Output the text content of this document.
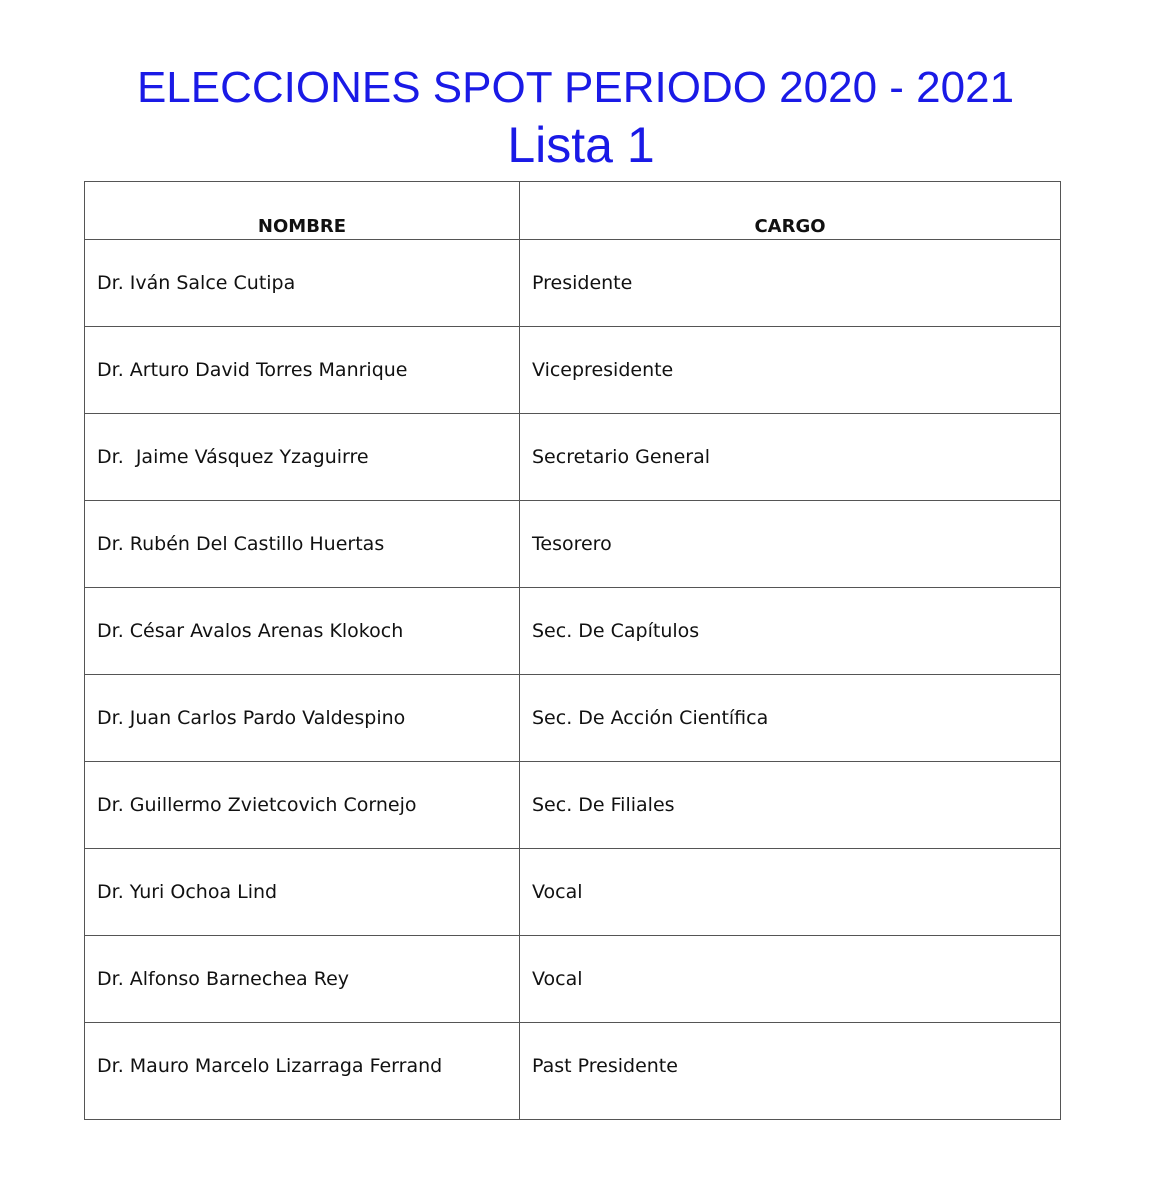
ELECCIONES SPOT PERIODO 2020 - 2021
Lista 1
NOMBRE	CARGO
Dr. Iván Salce Cutipa	Presidente
Dr. Arturo David Torres Manrique	Vicepresidente
Dr.  Jaime Vásquez Yzaguirre	Secretario General
Dr. Rubén Del Castillo Huertas	Tesorero
Dr. César Avalos Arenas Klokoch	Sec. De Capítulos
Dr. Juan Carlos Pardo Valdespino	Sec. De Acción Científica
Dr. Guillermo Zvietcovich Cornejo	Sec. De Filiales
Dr. Yuri Ochoa Lind	Vocal
Dr. Alfonso Barnechea Rey	Vocal
Dr. Mauro Marcelo Lizarraga Ferrand	Past Presidente
